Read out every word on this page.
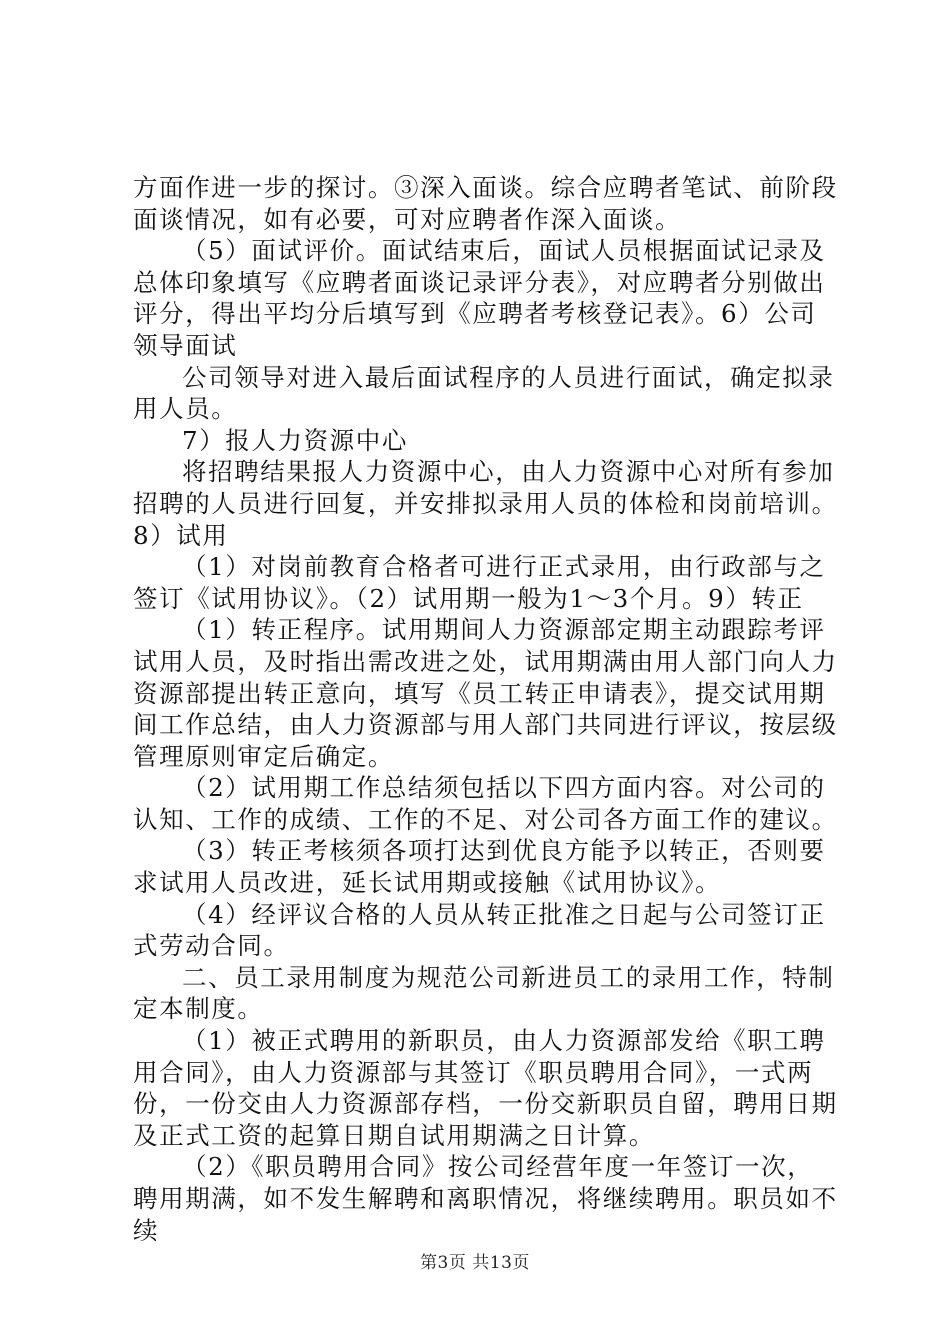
方面作进一步的探讨。③深入面谈。综合应聘者笔试、前阶段面谈情况，如有必要，可对应聘者作深入面谈。

（5）面试评价。面试结束后，面试人员根据面试记录及总体印象填写《应聘者面谈记录评分表》，对应聘者分别做出评分，得出平均分后填写到《应聘者考核登记表》。6）公司领导面试

公司领导对进入最后面试程序的人员进行面试，确定拟录用人员。

7）报人力资源中心

将招聘结果报人力资源中心，由人力资源中心对所有参加招聘的人员进行回复，并安排拟录用人员的体检和岗前培训。8）试用

（1）对岗前教育合格者可进行正式录用，由行政部与之签订《试用协议》。（2）试用期一般为1～3个月。9）转正

（1）转正程序。试用期间人力资源部定期主动跟踪考评试用人员，及时指出需改进之处，试用期满由用人部门向人力资源部提出转正意向，填写《员工转正申请表》，提交试用期间工作总结，由人力资源部与用人部门共同进行评议，按层级管理原则审定后确定。

（2）试用期工作总结须包括以下四方面内容。对公司的认知、工作的成绩、工作的不足、对公司各方面工作的建议。

（3）转正考核须各项打达到优良方能予以转正，否则要求试用人员改进，延长试用期或接触《试用协议》。

（4）经评议合格的人员从转正批准之日起与公司签订正式劳动合同。

二、员工录用制度为规范公司新进员工的录用工作，特制定本制度。

（1）被正式聘用的新职员，由人力资源部发给《职工聘用合同》，由人力资源部与其签订《职员聘用合同》，一式两份，一份交由人力资源部存档，一份交新职员自留，聘用日期及正式工资的起算日期自试用期满之日计算。

（2）《职员聘用合同》按公司经营年度一年签订一次，聘用期满，如不发生解聘和离职情况，将继续聘用。职员如不续

第3页 共13页
